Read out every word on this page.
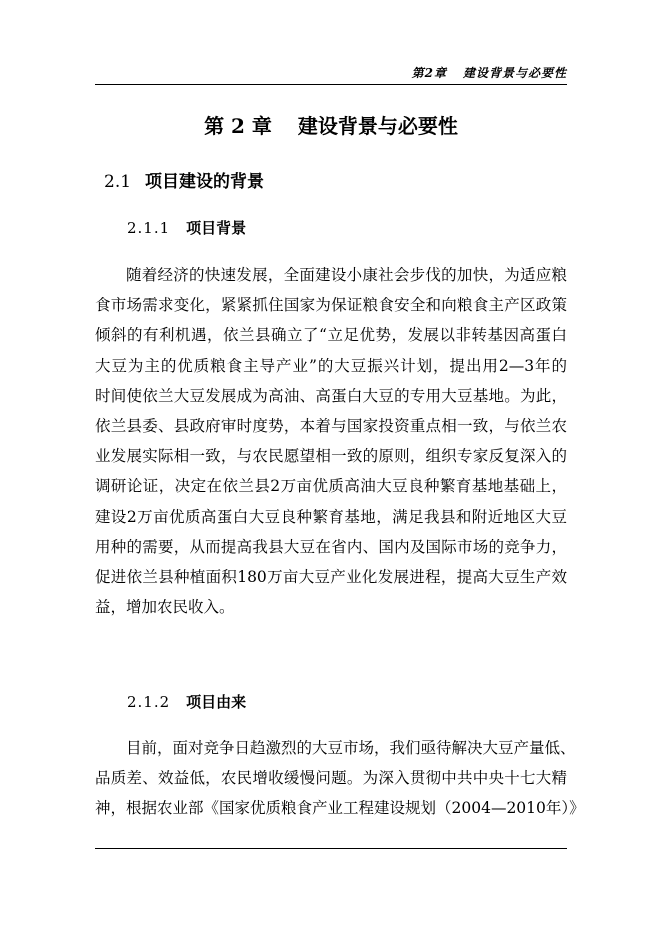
第2章 建设背景与必要性
第 2 章 建设背景与必要性
2.1 项目建设的背景
2.1.1 项目背景
随着经济的快速发展，全面建设小康社会步伐的加快，为适应粮
食市场需求变化，紧紧抓住国家为保证粮食安全和向粮食主产区政策
倾斜的有利机遇，依兰县确立了“立足优势，发展以非转基因高蛋白
大豆为主的优质粮食主导产业”的大豆振兴计划，提出用2—3年的
时间使依兰大豆发展成为高油、高蛋白大豆的专用大豆基地。为此，
依兰县委、县政府审时度势，本着与国家投资重点相一致，与依兰农
业发展实际相一致，与农民愿望相一致的原则，组织专家反复深入的
调研论证，决定在依兰县2万亩优质高油大豆良种繁育基地基础上，
建设2万亩优质高蛋白大豆良种繁育基地，满足我县和附近地区大豆
用种的需要，从而提高我县大豆在省内、国内及国际市场的竞争力，
促进依兰县种植面积180万亩大豆产业化发展进程，提高大豆生产效
益，增加农民收入。
2.1.2 项目由来
目前，面对竞争日趋激烈的大豆市场，我们亟待解决大豆产量低、
品质差、效益低，农民增收缓慢问题。为深入贯彻中共中央十七大精
神，根据农业部《国家优质粮食产业工程建设规划（2004—2010年）》
